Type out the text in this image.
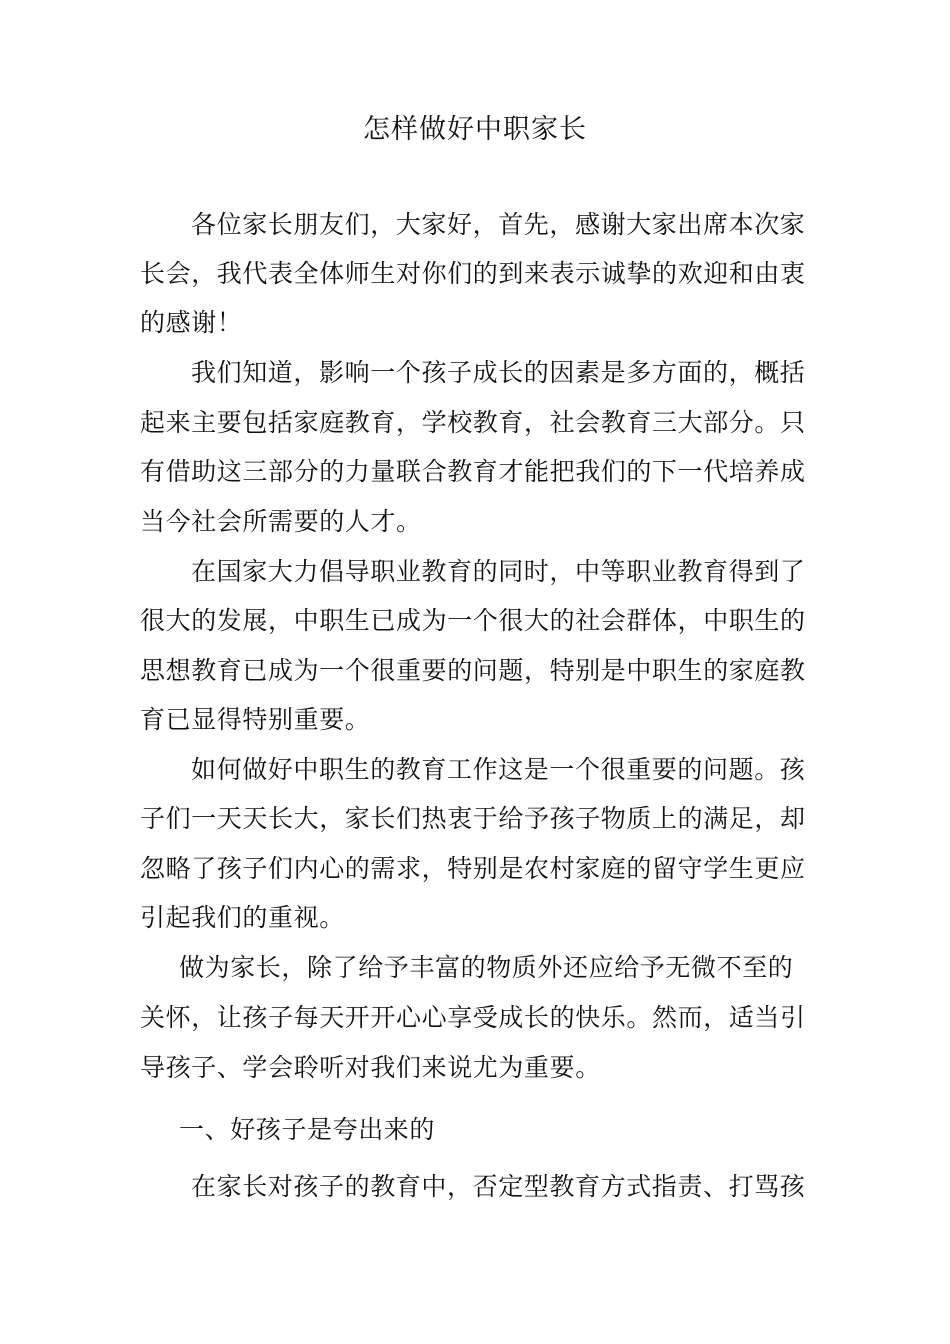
怎样做好中职家长
各位家长朋友们，大家好，首先，感谢大家出席本次家
长会，我代表全体师生对你们的到来表示诚挚的欢迎和由衷
的感谢！
我们知道，影响一个孩子成长的因素是多方面的，概括
起来主要包括家庭教育，学校教育，社会教育三大部分。只
有借助这三部分的力量联合教育才能把我们的下一代培养成
当今社会所需要的人才。
在国家大力倡导职业教育的同时，中等职业教育得到了
很大的发展，中职生已成为一个很大的社会群体，中职生的
思想教育已成为一个很重要的问题，特别是中职生的家庭教
育已显得特别重要。
如何做好中职生的教育工作这是一个很重要的问题。孩
子们一天天长大，家长们热衷于给予孩子物质上的满足，却
忽略了孩子们内心的需求，特别是农村家庭的留守学生更应
引起我们的重视。
做为家长，除了给予丰富的物质外还应给予无微不至的
关怀，让孩子每天开开心心享受成长的快乐。然而，适当引
导孩子、学会聆听对我们来说尤为重要。
一、好孩子是夸出来的
在家长对孩子的教育中，否定型教育方式指责、打骂孩
